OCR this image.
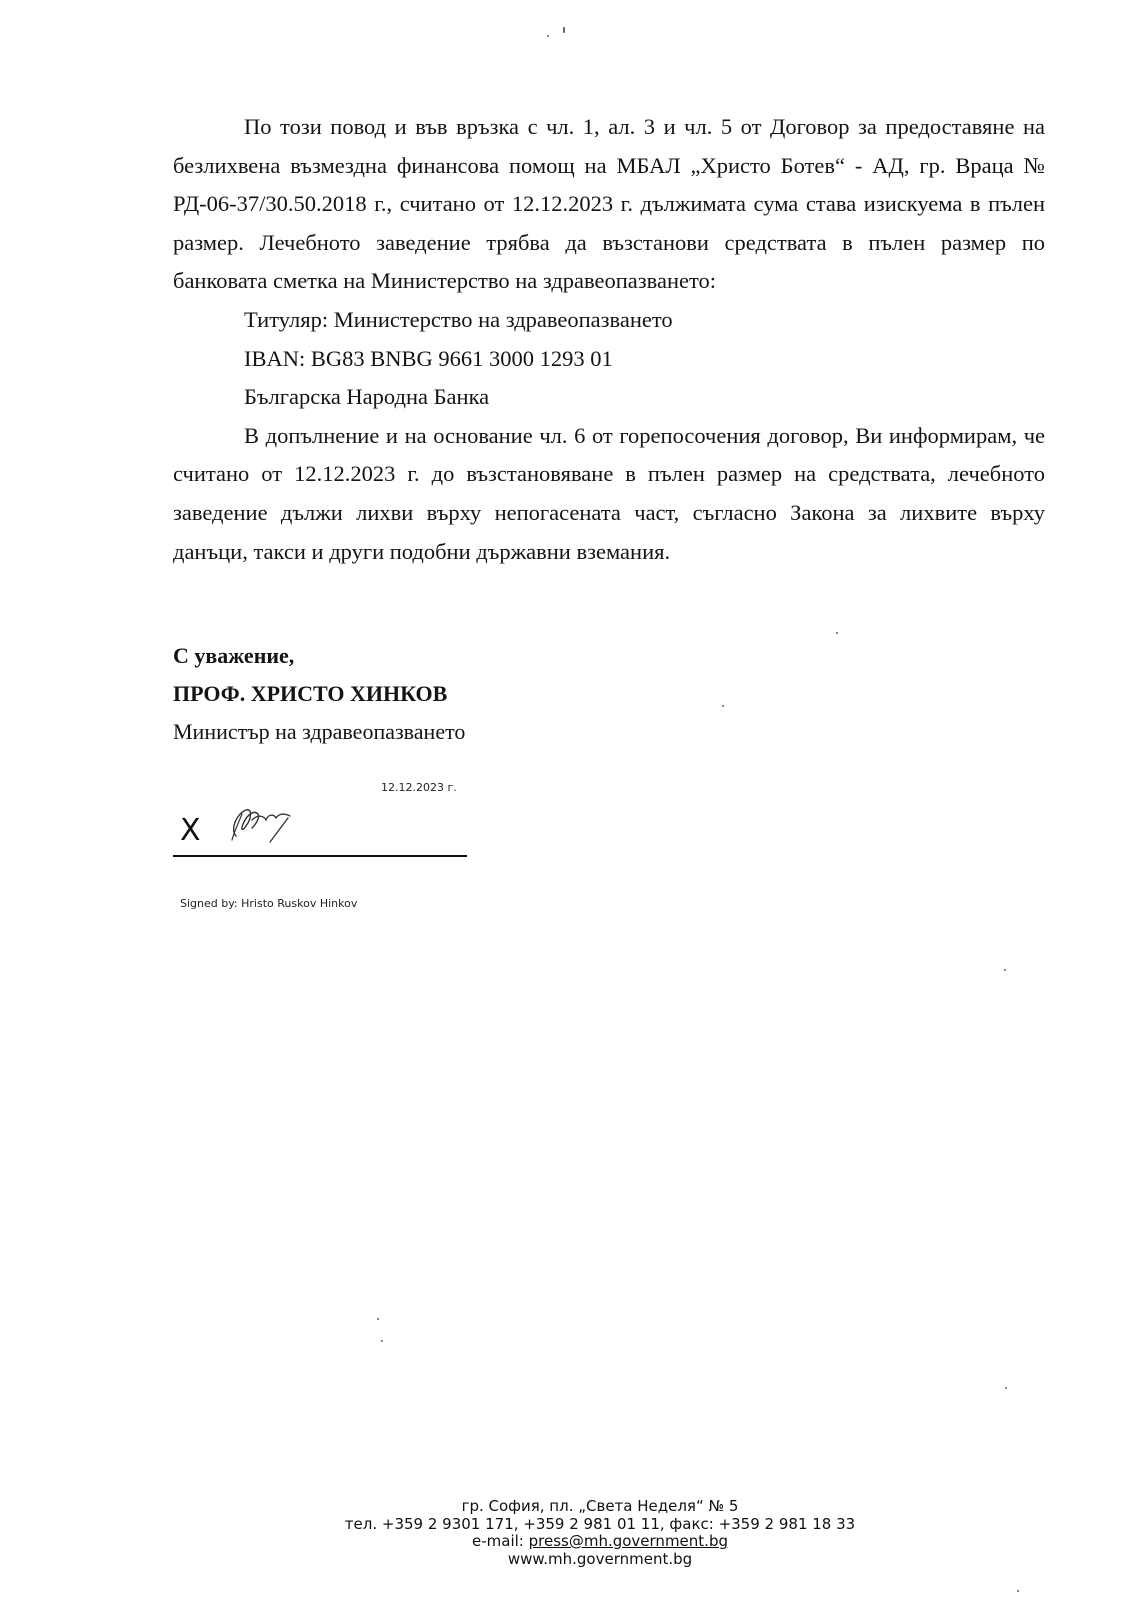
По този повод и във връзка с чл. 1, ал. 3 и чл. 5 от Договор за предоставяне на безлихвена възмездна финансова помощ на МБАЛ „Христо Ботев“ - АД, гр. Враца № РД-06-37/30.50.2018 г., считано от 12.12.2023 г. дължимата сума става изискуема в пълен размер. Лечебното заведение трябва да възстанови средствата в пълен размер по банковата сметка на Министерство на здравеопазването:

Титуляр: Министерство на здравеопазването

IBAN: BG83 BNBG 9661 3000 1293 01

Българска Народна Банка

В допълнение и на основание чл. 6 от горепосочения договор, Ви информирам, че считано от 12.12.2023 г. до възстановяване в пълен размер на средствата, лечебното заведение дължи лихви върху непогасената част, съгласно Закона за лихвите върху данъци, такси и други подобни държавни вземания.

С уважение,
ПРОФ. ХРИСТО ХИНКОВ
Министър на здравеопазването
12.12.2023 г.
X
Signed by: Hristo Ruskov Hinkov
гр. София, пл. „Света Неделя“ № 5
тел. +359 2 9301 171, +359 2 981 01 11, факс: +359 2 981 18 33
e-mail: press@mh.government.bg
www.mh.government.bg
